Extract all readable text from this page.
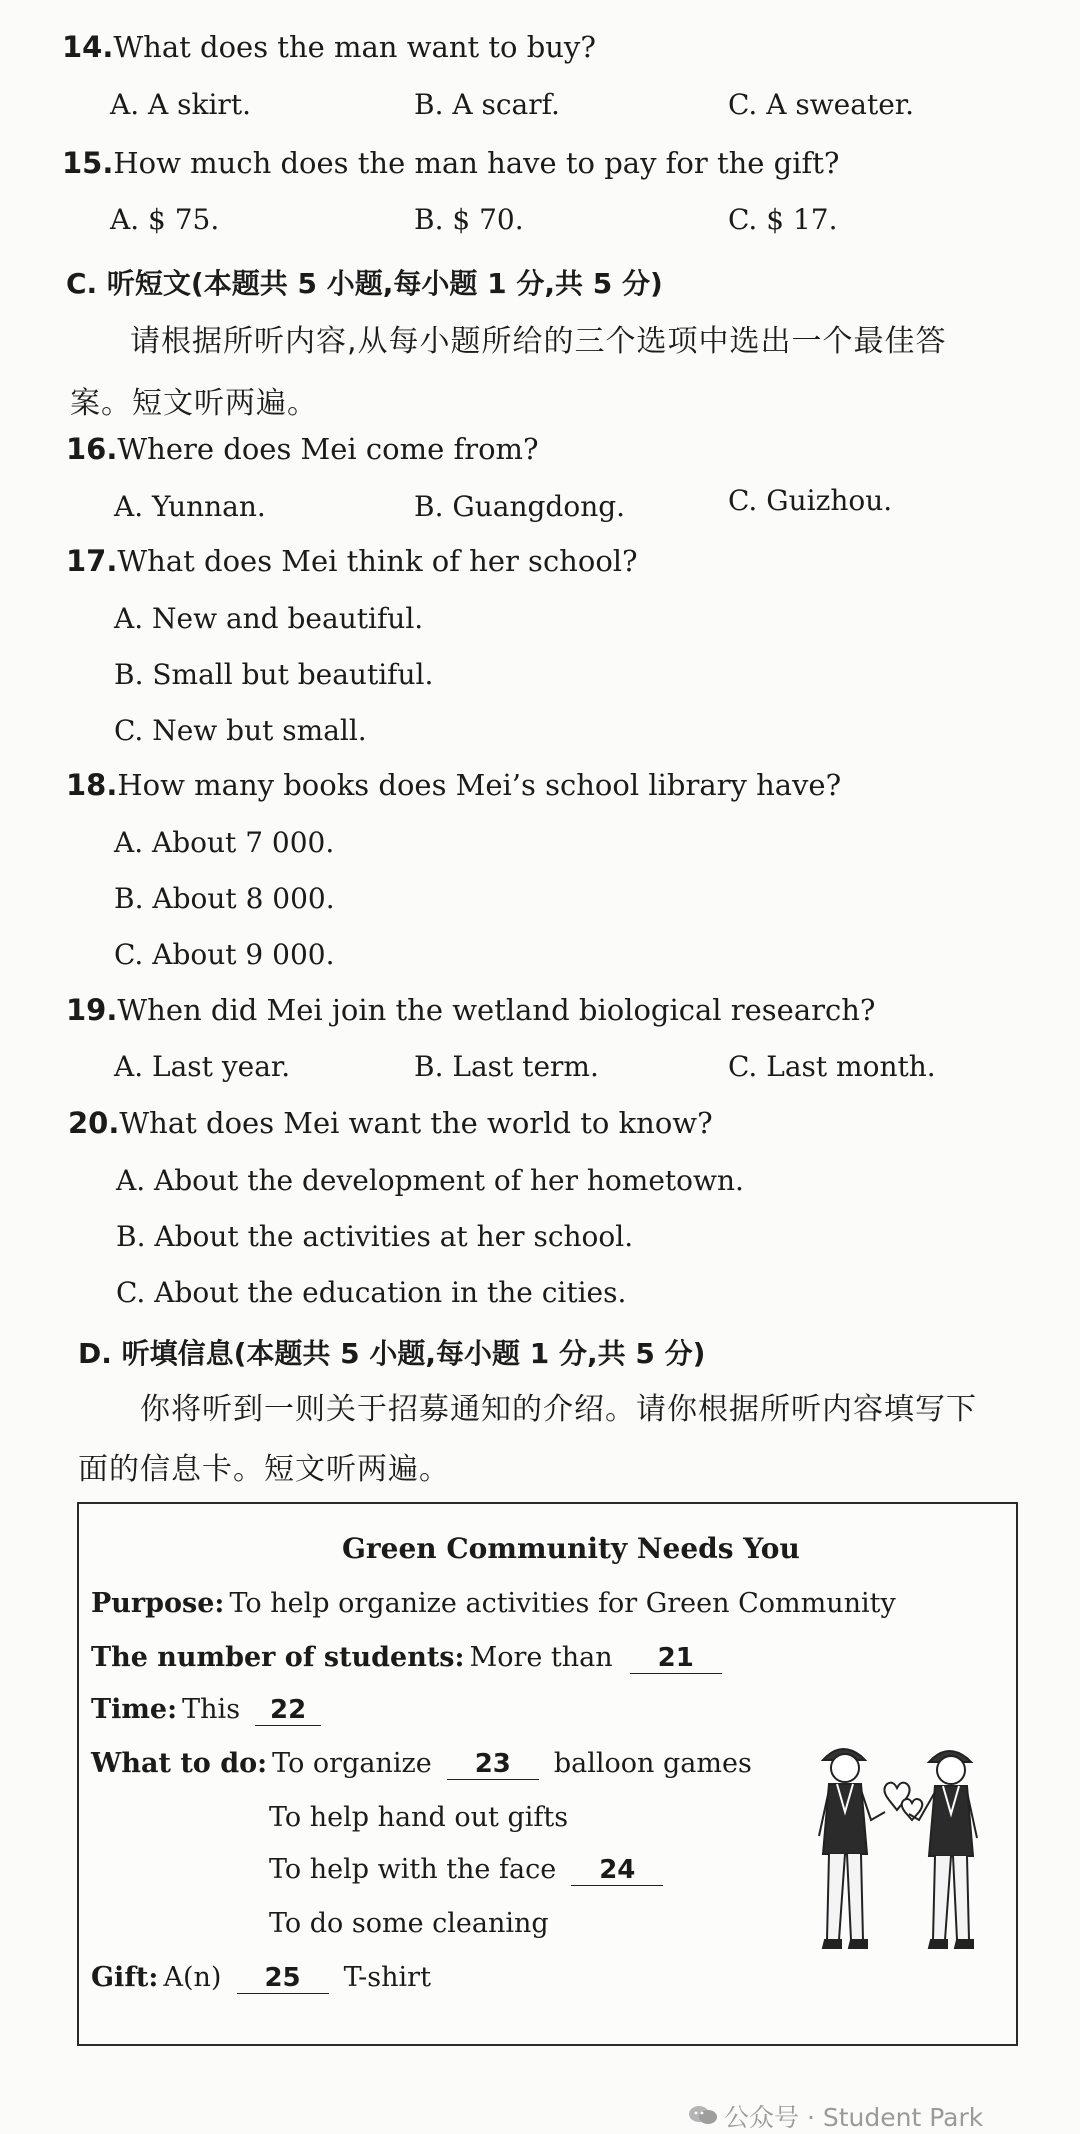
14.What does the man want to buy?
A. A skirt.	B. A scarf.	C. A sweater.
15.How much does the man have to pay for the gift?
A. $ 75.	B. $ 70.	C. $ 17.
C. 听短文(本题共 5 小题,每小题 1 分,共 5 分)
请根据所听内容,从每小题所给的三个选项中选出一个最佳答
案。短文听两遍。
16.Where does Mei come from?
A. Yunnan.	B. Guangdong.	C. Guizhou.
17.What does Mei think of her school?
A. New and beautiful.
B. Small but beautiful.
C. New but small.
18.How many books does Mei’s school library have?
A. About 7 000.
B. About 8 000.
C. About 9 000.
19.When did Mei join the wetland biological research?
A. Last year.	B. Last term.	C. Last month.
20.What does Mei want the world to know?
A. About the development of her hometown.
B. About the activities at her school.
C. About the education in the cities.
D. 听填信息(本题共 5 小题,每小题 1 分,共 5 分)
你将听到一则关于招募通知的介绍。请你根据所听内容填写下
面的信息卡。短文听两遍。
Green Community Needs You
Purpose: To help organize activities for Green Community
The number of students: More than 21
Time: This 22
What to do: To organize 23 balloon games
To help hand out gifts
To help with the face 24
To do some cleaning
Gift: A(n) 25 T-shirt
公众号 · Student Park
